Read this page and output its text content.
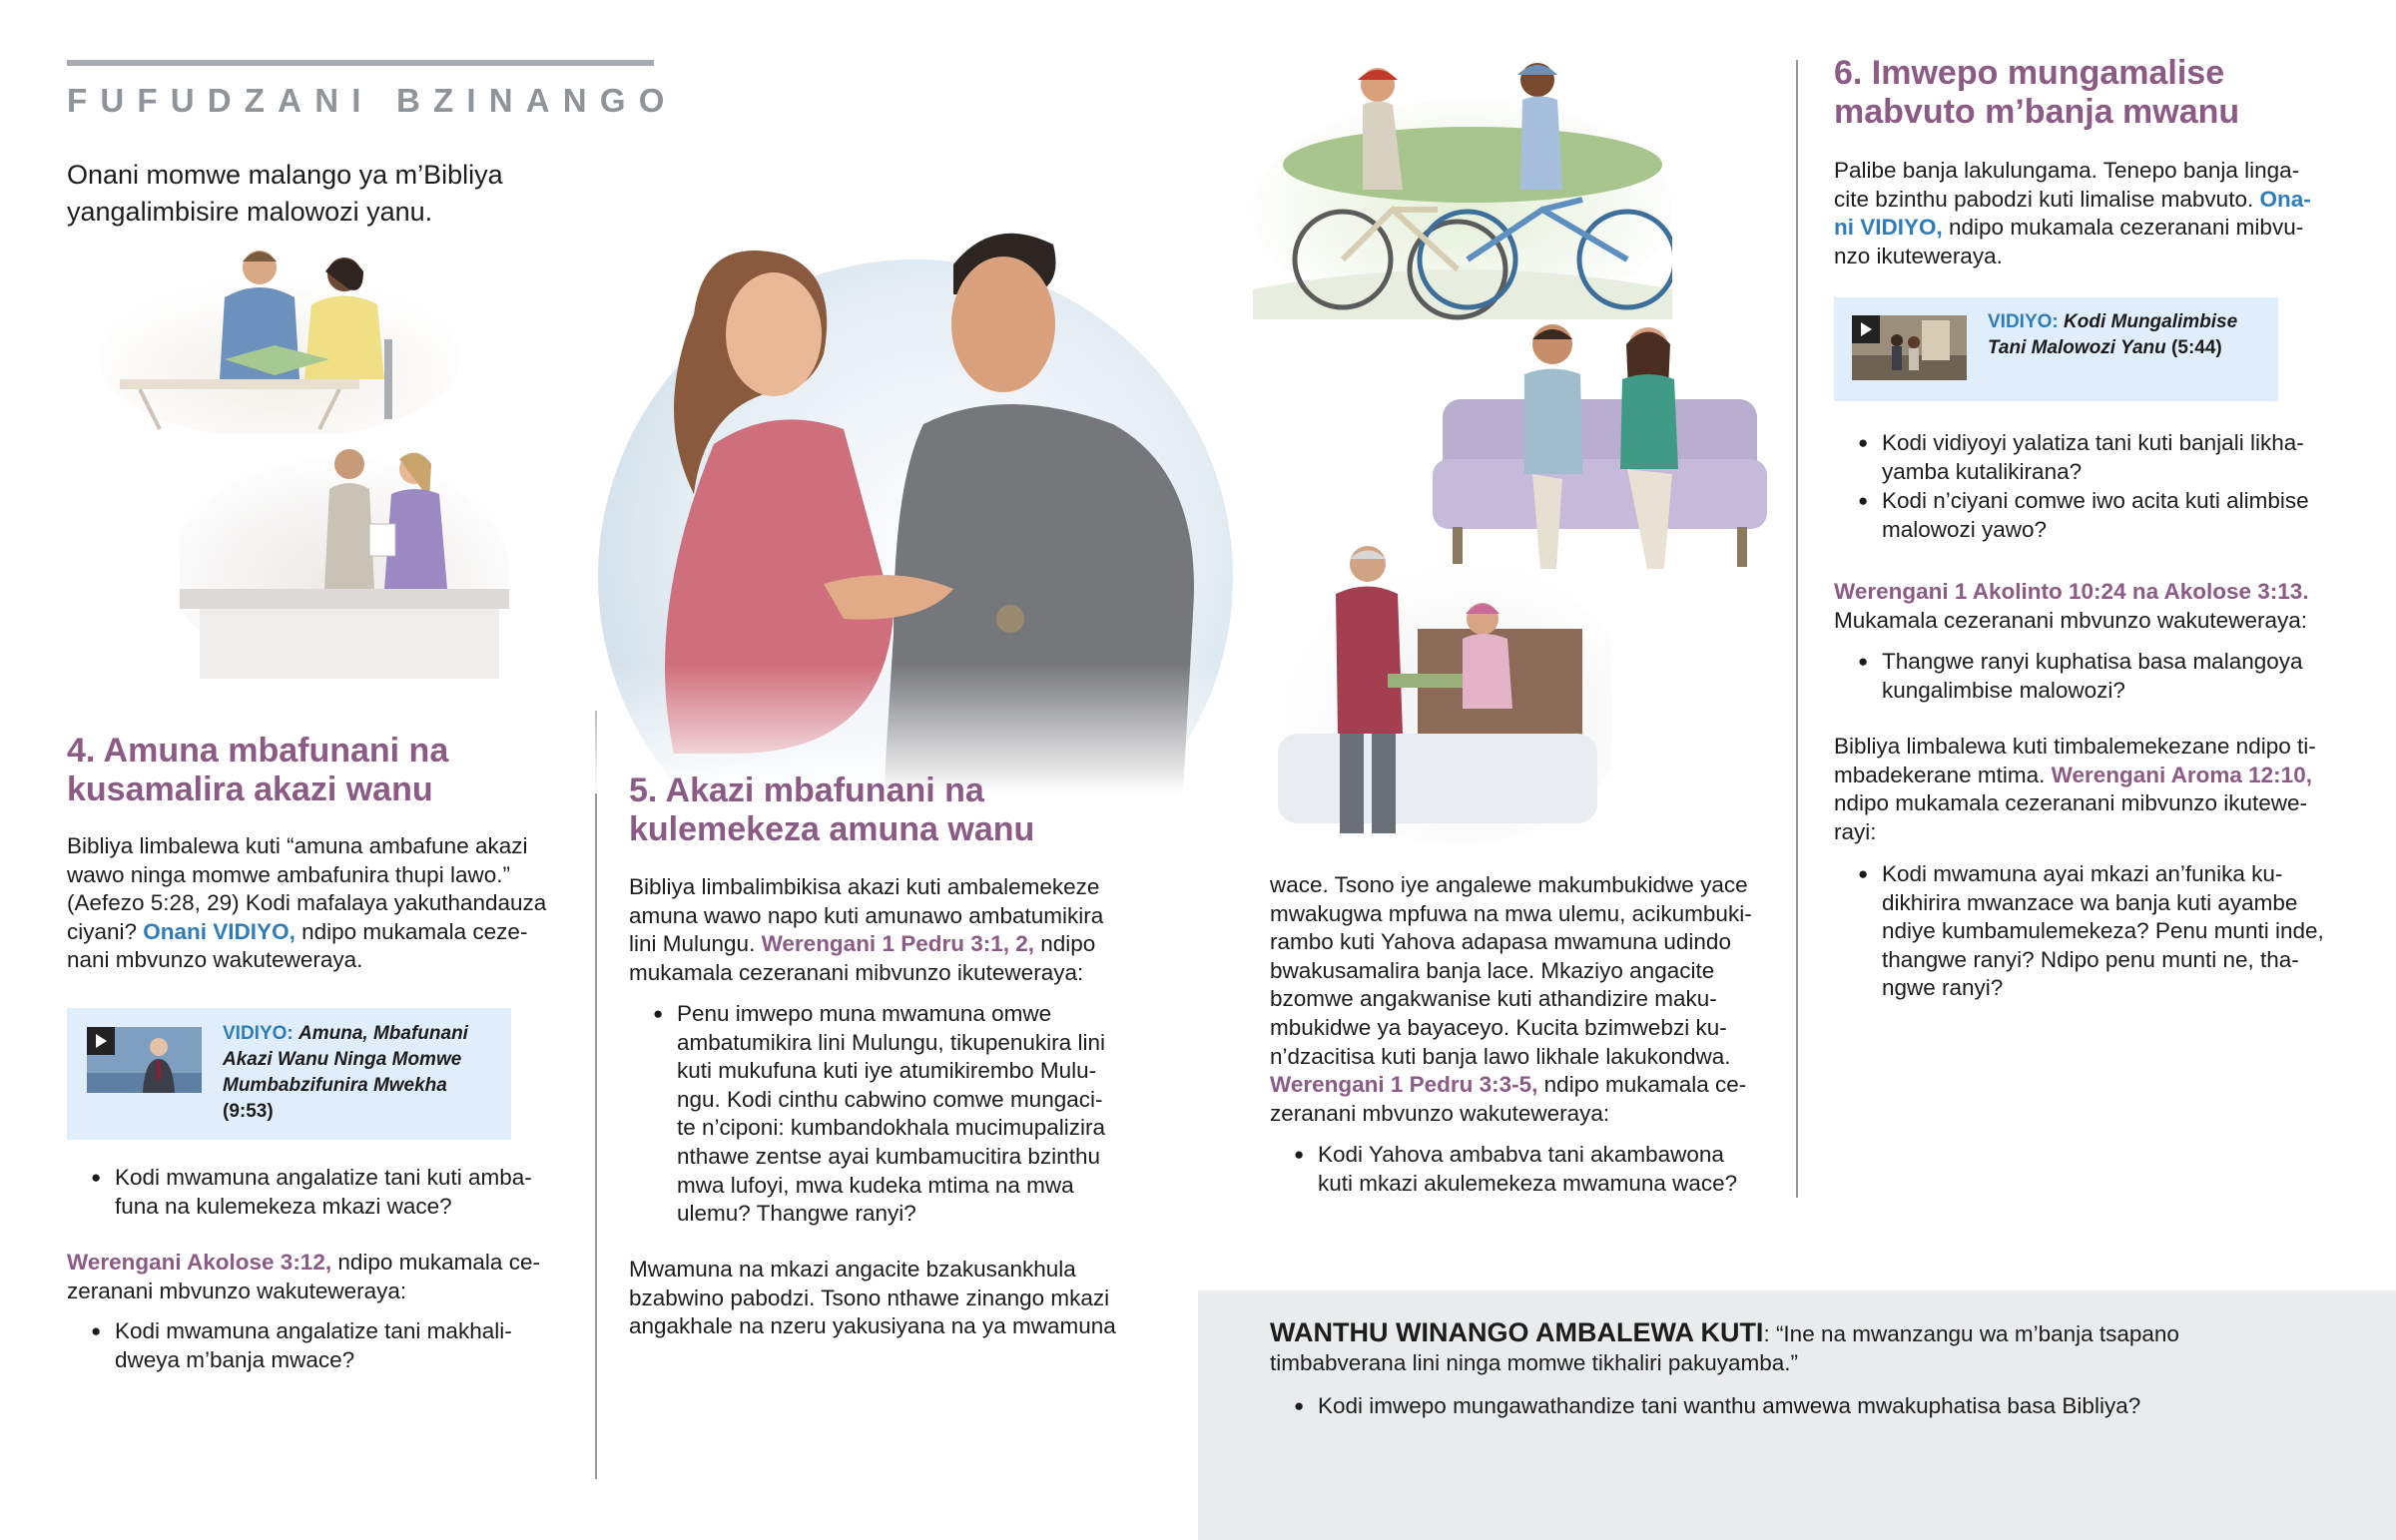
FUFUDZANI BZINANGO
Onani momwe malango ya m’Bibliya
yangalimbisire malowozi yanu.
4. Amuna mbafunani na
kusamalira akazi wanu
Bibliya limbalewa kuti “amuna ambafune akazi
wawo ninga momwe ambafunira thupi lawo.”
(Aefezo 5:28, 29) Kodi mafalaya yakuthandauza
ciyani? Onani VIDIYO, ndipo mukamala ceze-
nani mbvunzo wakuteweraya.
VIDIYO: Amuna, Mbafunani
Akazi Wanu Ninga Momwe
Mumbabzifunira Mwekha
(9:53)
● Kodi mwamuna angalatize tani kuti amba-
funa na kulemekeza mkazi wace?
Werengani Akolose 3:12, ndipo mukamala ce-
zeranani mbvunzo wakuteweraya:
● Kodi mwamuna angalatize tani makhali-
dweya m’banja mwace?
5. Akazi mbafunani na
kulemekeza amuna wanu
Bibliya limbalimbikisa akazi kuti ambalemekeze
amuna wawo napo kuti amunawo ambatumikira
lini Mulungu. Werengani 1 Pedru 3:1, 2, ndipo
mukamala cezeranani mibvunzo ikuteweraya:
● Penu imwepo muna mwamuna omwe
ambatumikira lini Mulungu, tikupenukira lini
kuti mukufuna kuti iye atumikirembo Mulu-
ngu. Kodi cinthu cabwino comwe mungaci-
te n’ciponi: kumbandokhala mucimupalizira
nthawe zentse ayai kumbamucitira bzinthu
mwa lufoyi, mwa kudeka mtima na mwa
ulemu? Thangwe ranyi?
Mwamuna na mkazi angacite bzakusankhula
bzabwino pabodzi. Tsono nthawe zinango mkazi
angakhale na nzeru yakusiyana na ya mwamuna
wace. Tsono iye angalewe makumbukidwe yace
mwakugwa mpfuwa na mwa ulemu, acikumbuki-
rambo kuti Yahova adapasa mwamuna udindo
bwakusamalira banja lace. Mkaziyo angacite
bzomwe angakwanise kuti athandizire maku-
mbukidwe ya bayaceyo. Kucita bzimwebzi ku-
n’dzacitisa kuti banja lawo likhale lakukondwa.
Werengani 1 Pedru 3:3-5, ndipo mukamala ce-
zeranani mbvunzo wakuteweraya:
● Kodi Yahova ambabva tani akambawona
kuti mkazi akulemekeza mwamuna wace?
6. Imwepo mungamalise
mabvuto m’banja mwanu
Palibe banja lakulungama. Tenepo banja linga-
cite bzinthu pabodzi kuti limalise mabvuto. Ona-
ni VIDIYO, ndipo mukamala cezeranani mibvu-
nzo ikuteweraya.
VIDIYO: Kodi Mungalimbise
Tani Malowozi Yanu (5:44)
● Kodi vidiyoyi yalatiza tani kuti banjali likha-
yamba kutalikirana?
● Kodi n’ciyani comwe iwo acita kuti alimbise
malowozi yawo?
Werengani 1 Akolinto 10:24 na Akolose 3:13.
Mukamala cezeranani mbvunzo wakuteweraya:
● Thangwe ranyi kuphatisa basa malangoya
kungalimbise malowozi?
Bibliya limbalewa kuti timbalemekezane ndipo ti-
mbadekerane mtima. Werengani Aroma 12:10,
ndipo mukamala cezeranani mibvunzo ikutewe-
rayi:
● Kodi mwamuna ayai mkazi an’funika ku-
dikhirira mwanzace wa banja kuti ayambe
ndiye kumbamulemekeza? Penu munti inde,
thangwe ranyi? Ndipo penu munti ne, tha-
ngwe ranyi?
WANTHU WINANGO AMBALEWA KUTI: “Ine na mwanzangu wa m’banja tsapano
timbabverana lini ninga momwe tikhaliri pakuyamba.”
● Kodi imwepo mungawathandize tani wanthu amwewa mwakuphatisa basa Bibliya?
